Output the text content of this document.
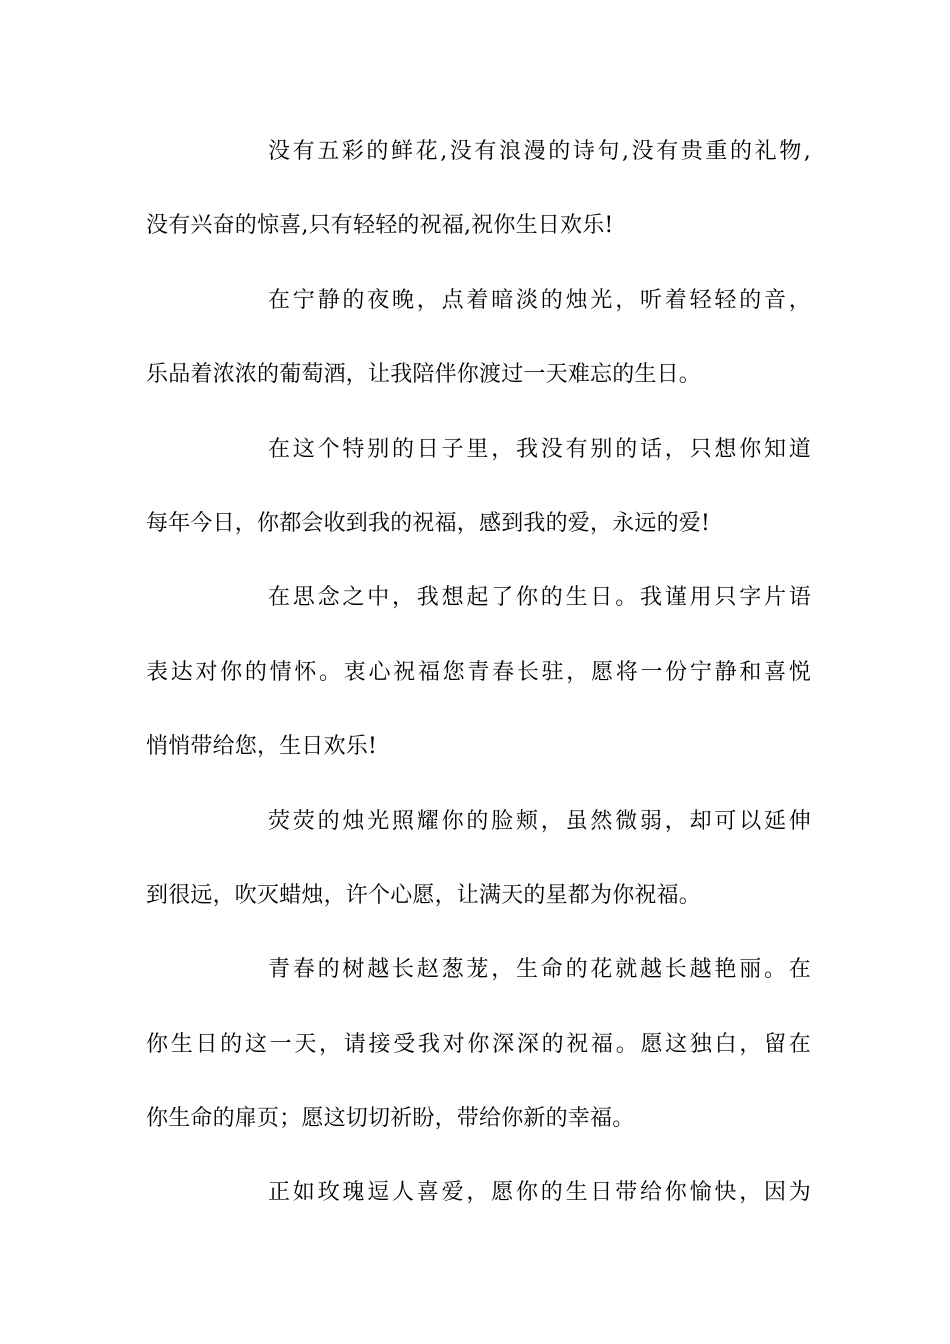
没有五彩的鲜花,没有浪漫的诗句,没有贵重的礼物,
没有兴奋的惊喜,只有轻轻的祝福,祝你生日欢乐!
在宁静的夜晚，点着暗淡的烛光，听着轻轻的音，
乐品着浓浓的葡萄酒，让我陪伴你渡过一天难忘的生日。
在这个特别的日子里，我没有别的话，只想你知道
每年今日，你都会收到我的祝福，感到我的爱，永远的爱!
在思念之中，我想起了你的生日。我谨用只字片语
表达对你的情怀。衷心祝福您青春长驻，愿将一份宁静和喜悦
悄悄带给您，生日欢乐!
荧荧的烛光照耀你的脸颊，虽然微弱，却可以延伸
到很远，吹灭蜡烛，许个心愿，让满天的星都为你祝福。
青春的树越长赵葱茏，生命的花就越长越艳丽。在
你生日的这一天，请接受我对你深深的祝福。愿这独白，留在
你生命的扉页；愿这切切祈盼，带给你新的幸福。
正如玫瑰逗人喜爱，愿你的生日带给你愉快，因为
